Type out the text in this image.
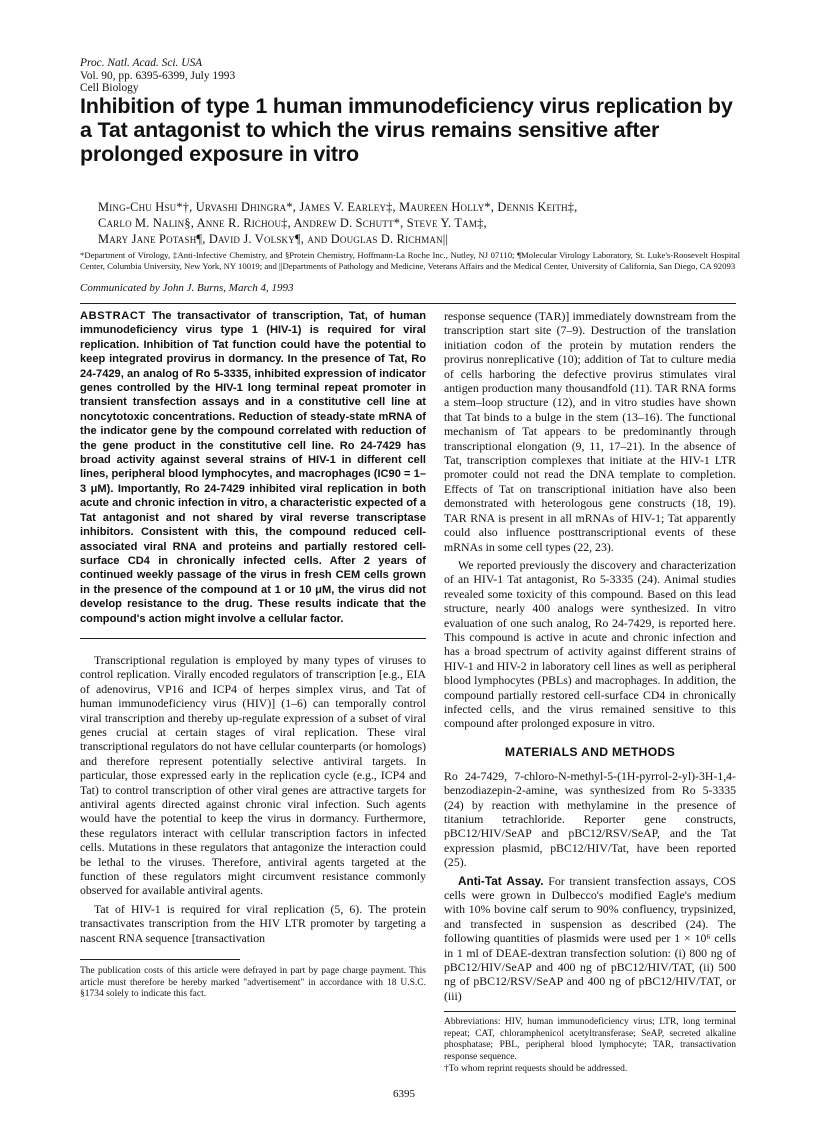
Proc. Natl. Acad. Sci. USA
Vol. 90, pp. 6395-6399, July 1993
Cell Biology
Inhibition of type 1 human immunodeficiency virus replication by a Tat antagonist to which the virus remains sensitive after prolonged exposure in vitro
Ming-Chu Hsu*†, Urvashi Dhingra*, James V. Earley‡, Maureen Holly*, Dennis Keith‡,
Carlo M. Nalin§, Anne R. Richou‡, Andrew D. Schutt*, Steve Y. Tam‡,
Mary Jane Potash¶, David J. Volsky¶, and Douglas D. Richman||
*Department of Virology, ‡Anti-Infective Chemistry, and §Protein Chemistry, Hoffmann-La Roche Inc., Nutley, NJ 07110; ¶Molecular Virology Laboratory, St. Luke's-Roosevelt Hospital Center, Columbia University, New York, NY 10019; and ||Departments of Pathology and Medicine, Veterans Affairs and the Medical Center, University of California, San Diego, CA 92093
Communicated by John J. Burns, March 4, 1993

ABSTRACT The transactivator of transcription, Tat, of human immunodeficiency virus type 1 (HIV-1) is required for viral replication. Inhibition of Tat function could have the potential to keep integrated provirus in dormancy. In the presence of Tat, Ro 24-7429, an analog of Ro 5-3335, inhibited expression of indicator genes controlled by the HIV-1 long terminal repeat promoter in transient transfection assays and in a constitutive cell line at noncytotoxic concentrations. Reduction of steady-state mRNA of the indicator gene by the compound correlated with reduction of the gene product in the constitutive cell line. Ro 24-7429 has broad activity against several strains of HIV-1 in different cell lines, peripheral blood lymphocytes, and macrophages (IC90 = 1–3 μM). Importantly, Ro 24-7429 inhibited viral replication in both acute and chronic infection in vitro, a characteristic expected of a Tat antagonist and not shared by viral reverse transcriptase inhibitors. Consistent with this, the compound reduced cell-associated viral RNA and proteins and partially restored cell-surface CD4 in chronically infected cells. After 2 years of continued weekly passage of the virus in fresh CEM cells grown in the presence of the compound at 1 or 10 μM, the virus did not develop resistance to the drug. These results indicate that the compound's action might involve a cellular factor.

Transcriptional regulation is employed by many types of viruses to control replication. Virally encoded regulators of transcription [e.g., EIA of adenovirus, VP16 and ICP4 of herpes simplex virus, and Tat of human immunodeficiency virus (HIV)] (1–6) can temporally control viral transcription and thereby up-regulate expression of a subset of viral genes crucial at certain stages of viral replication. These viral transcriptional regulators do not have cellular counterparts (or homologs) and therefore represent potentially selective antiviral targets. In particular, those expressed early in the replication cycle (e.g., ICP4 and Tat) to control transcription of other viral genes are attractive targets for antiviral agents directed against chronic viral infection. Such agents would have the potential to keep the virus in dormancy. Furthermore, these regulators interact with cellular transcription factors in infected cells. Mutations in these regulators that antagonize the interaction could be lethal to the viruses. Therefore, antiviral agents targeted at the function of these regulators might circumvent resistance commonly observed for available antiviral agents.

Tat of HIV-1 is required for viral replication (5, 6). The protein transactivates transcription from the HIV LTR promoter by targeting a nascent RNA sequence [transactivation

The publication costs of this article were defrayed in part by page charge payment. This article must therefore be hereby marked "advertisement" in accordance with 18 U.S.C. §1734 solely to indicate this fact.

response sequence (TAR)] immediately downstream from the transcription start site (7–9). Destruction of the translation initiation codon of the protein by mutation renders the provirus nonreplicative (10); addition of Tat to culture media of cells harboring the defective provirus stimulates viral antigen production many thousandfold (11). TAR RNA forms a stem–loop structure (12), and in vitro studies have shown that Tat binds to a bulge in the stem (13–16). The functional mechanism of Tat appears to be predominantly through transcriptional elongation (9, 11, 17–21). In the absence of Tat, transcription complexes that initiate at the HIV-1 LTR promoter could not read the DNA template to completion. Effects of Tat on transcriptional initiation have also been demonstrated with heterologous gene constructs (18, 19). TAR RNA is present in all mRNAs of HIV-1; Tat apparently could also influence posttranscriptional events of these mRNAs in some cell types (22, 23).

We reported previously the discovery and characterization of an HIV-1 Tat antagonist, Ro 5-3335 (24). Animal studies revealed some toxicity of this compound. Based on this lead structure, nearly 400 analogs were synthesized. In vitro evaluation of one such analog, Ro 24-7429, is reported here. This compound is active in acute and chronic infection and has a broad spectrum of activity against different strains of HIV-1 and HIV-2 in laboratory cell lines as well as peripheral blood lymphocytes (PBLs) and macrophages. In addition, the compound partially restored cell-surface CD4 in chronically infected cells, and the virus remained sensitive to this compound after prolonged exposure in vitro.

MATERIALS AND METHODS

Ro 24-7429, 7-chloro-N-methyl-5-(1H-pyrrol-2-yl)-3H-1,4-benzodiazepin-2-amine, was synthesized from Ro 5-3335 (24) by reaction with methylamine in the presence of titanium tetrachloride. Reporter gene constructs, pBC12/HIV/SeAP and pBC12/RSV/SeAP, and the Tat expression plasmid, pBC12/HIV/Tat, have been reported (25).

Anti-Tat Assay. For transient transfection assays, COS cells were grown in Dulbecco's modified Eagle's medium with 10% bovine calf serum to 90% confluency, trypsinized, and transfected in suspension as described (24). The following quantities of plasmids were used per 1 × 10⁶ cells in 1 ml of DEAE-dextran transfection solution: (i) 800 ng of pBC12/HIV/SeAP and 400 ng of pBC12/HIV/TAT, (ii) 500 ng of pBC12/RSV/SeAP and 400 ng of pBC12/HIV/TAT, or (iii)

Abbreviations: HIV, human immunodeficiency virus; LTR, long terminal repeat; CAT, chloramphenicol acetyltransferase; SeAP, secreted alkaline phosphatase; PBL, peripheral blood lymphocyte; TAR, transactivation response sequence.

†To whom reprint requests should be addressed.

6395
